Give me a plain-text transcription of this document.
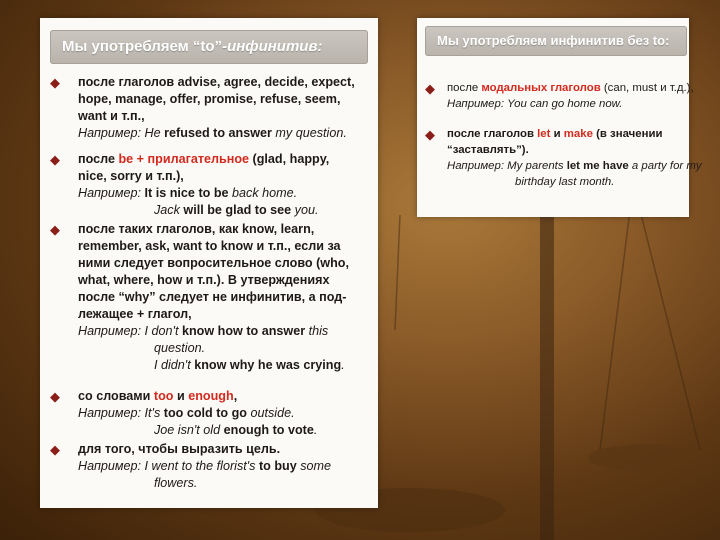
Мы употребляем “to”-инфинитив:
◆	после глаголов advise, agree, decide, expect,
hope, manage, offer, promise, refuse, seem,
want и т.п.,
Например: He refused to answer my question.
◆	после be + прилагательное (glad, happy,
nice, sorry и т.п.),
Например: It is nice to be back home.
Jack will be glad to see you.
◆	после таких глаголов, как know, learn,
remember, ask, want to know и т.п., если за
ними следует вопросительное слово (who,
what, where, how и т.п.). В утверждениях
после “why” следует не инфинитив, а под-
лежащее + глагол,
Например: I don't know how to answer this
question.
I didn't know why he was crying.
◆	со словами too и enough,
Например: It's too cold to go outside.
Joe isn't old enough to vote.
◆	для того, чтобы выразить цель.
Например: I went to the florist's to buy some
flowers.
Мы употребляем инфинитив без to:
◆	после модальных глаголов (can, must и т.д.),
Например: You can go home now.
◆	после глаголов let и make (в значении
“заставлять”).
Например: My parents let me have a party for my
birthday last month.
